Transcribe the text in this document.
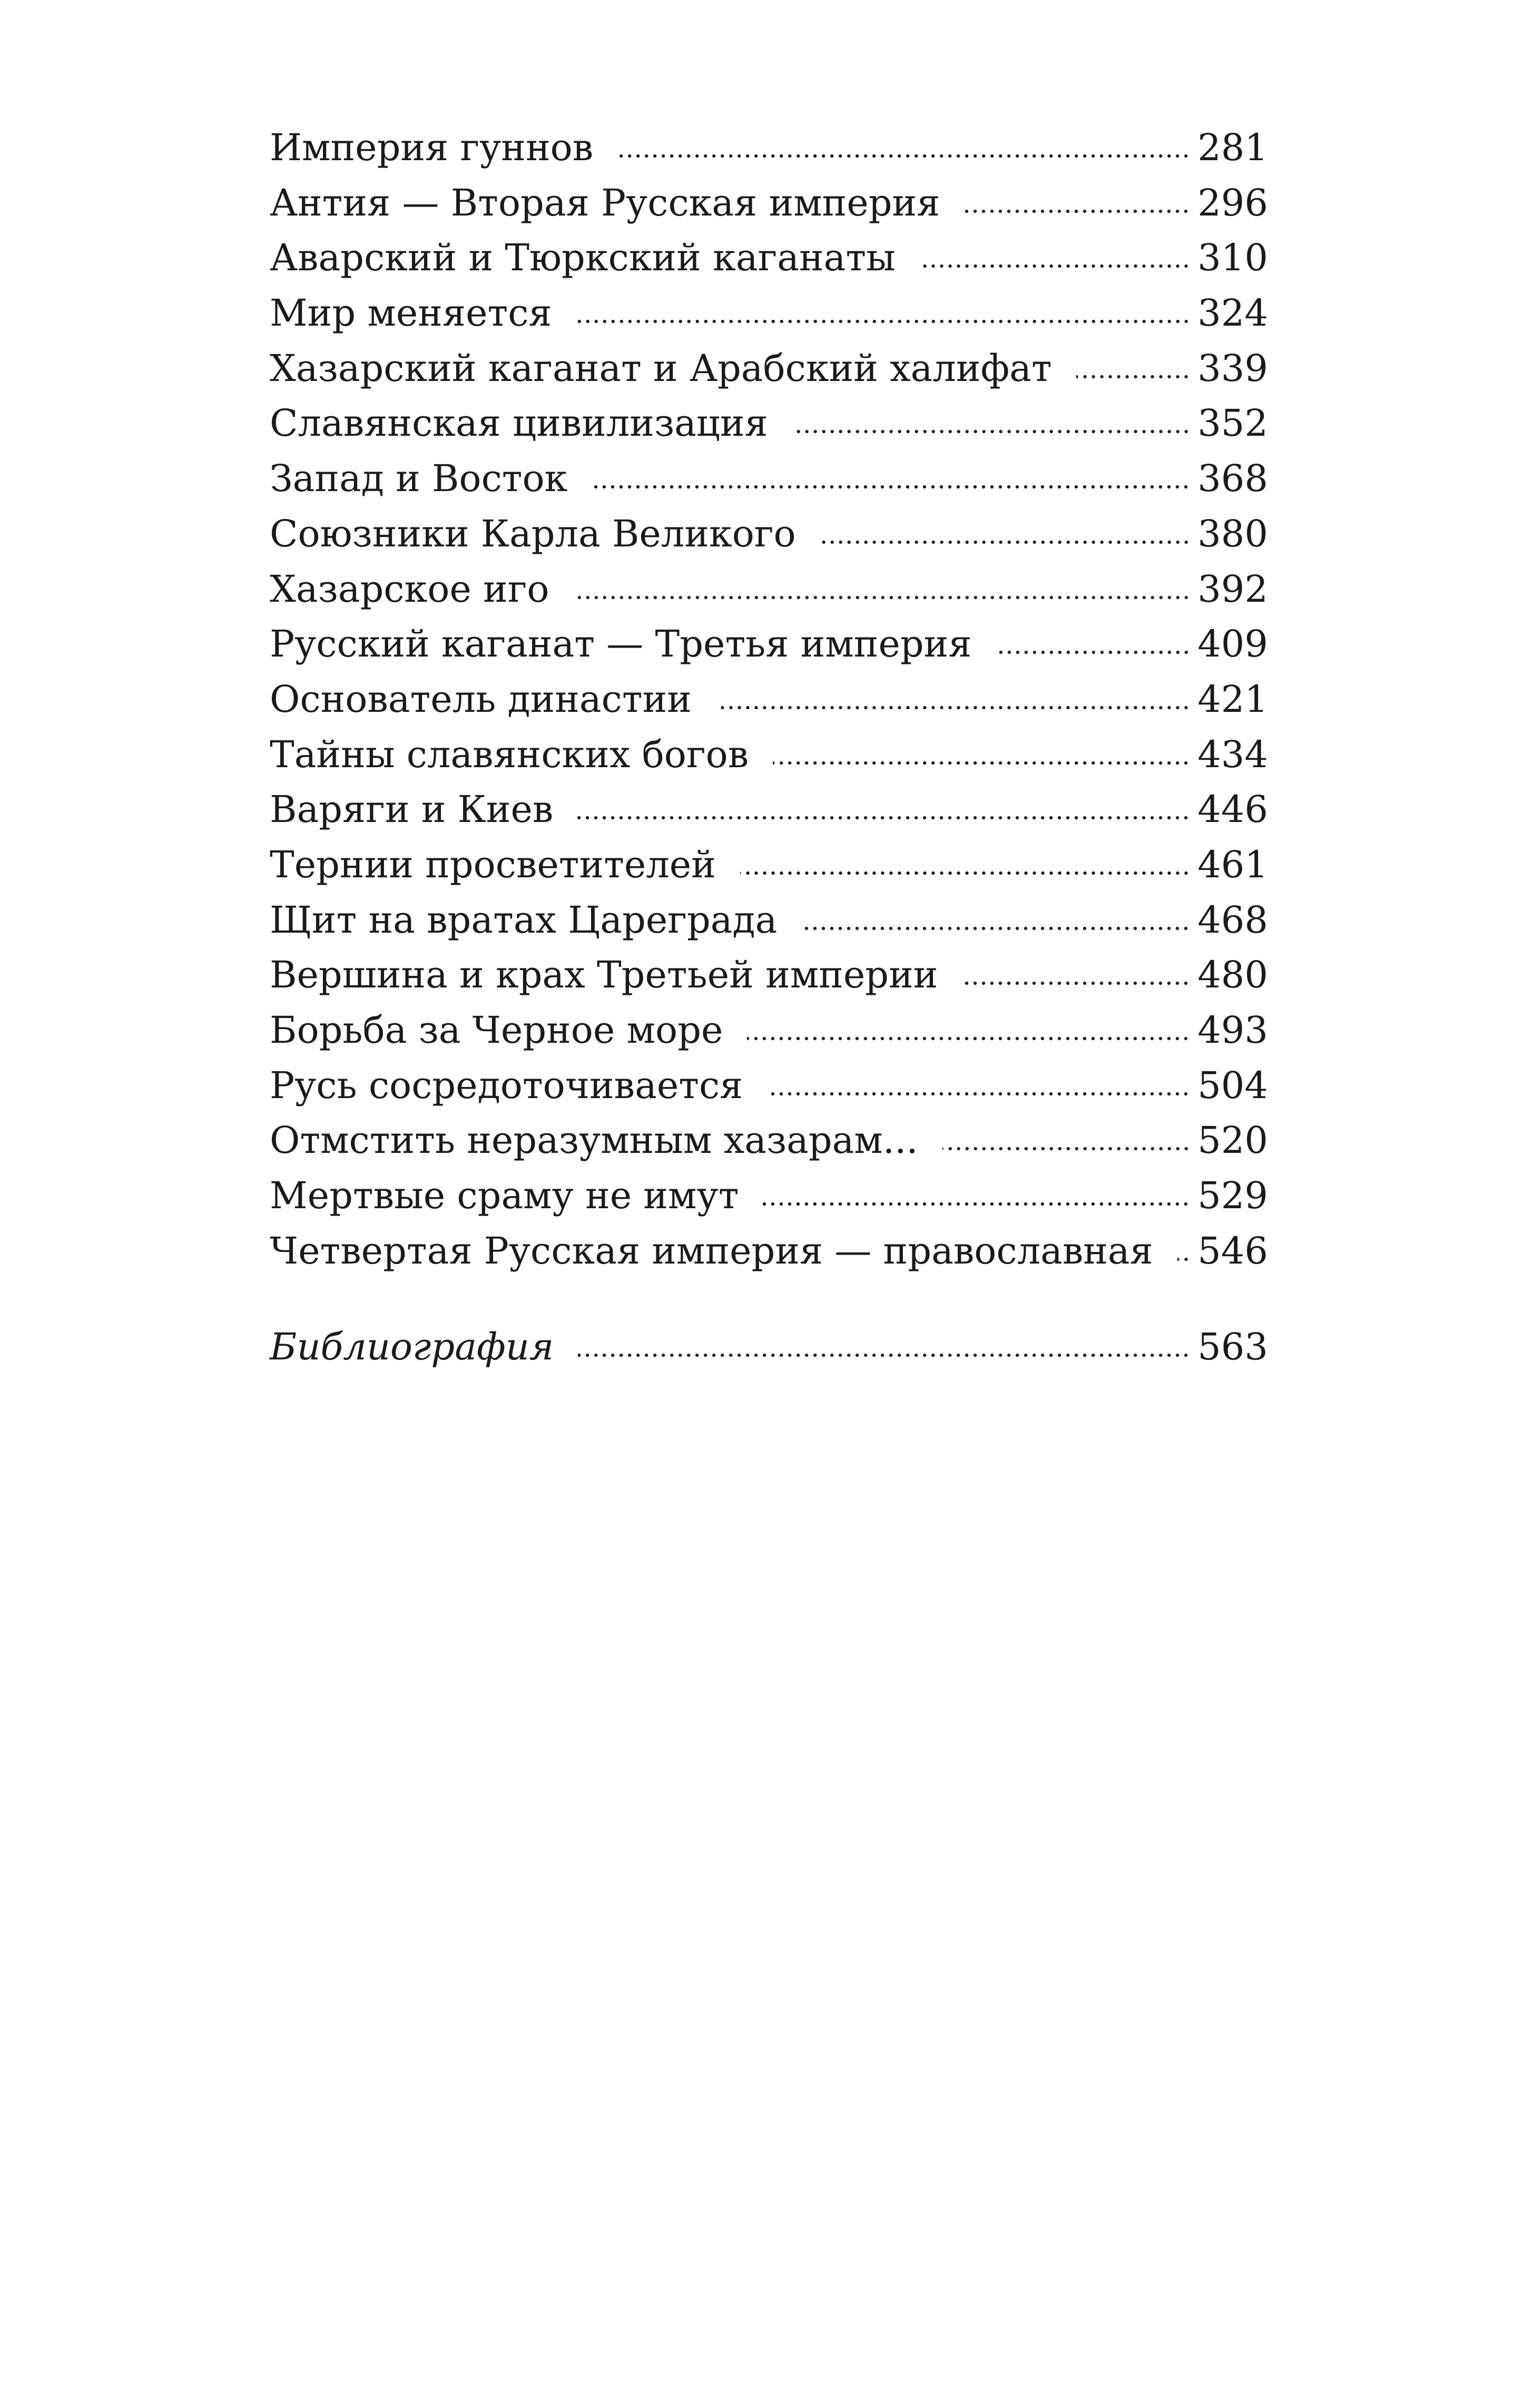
Империя гуннов	281
Антия — Вторая Русская империя	296
Аварский и Тюркский каганаты	310
Мир меняется	324
Хазарский каганат и Арабский халифат	339
Славянская цивилизация	352
Запад и Восток	368
Союзники Карла Великого	380
Хазарское иго	392
Русский каганат — Третья империя	409
Основатель династии	421
Тайны славянских богов	434
Варяги и Киев	446
Тернии просветителей	461
Щит на вратах Цареграда	468
Вершина и крах Третьей империи	480
Борьба за Черное море	493
Русь сосредоточивается	504
Отмстить неразумным хазарам...	520
Мертвые сраму не имут	529
Четвертая Русская империя — православная	546
Библиография	563
